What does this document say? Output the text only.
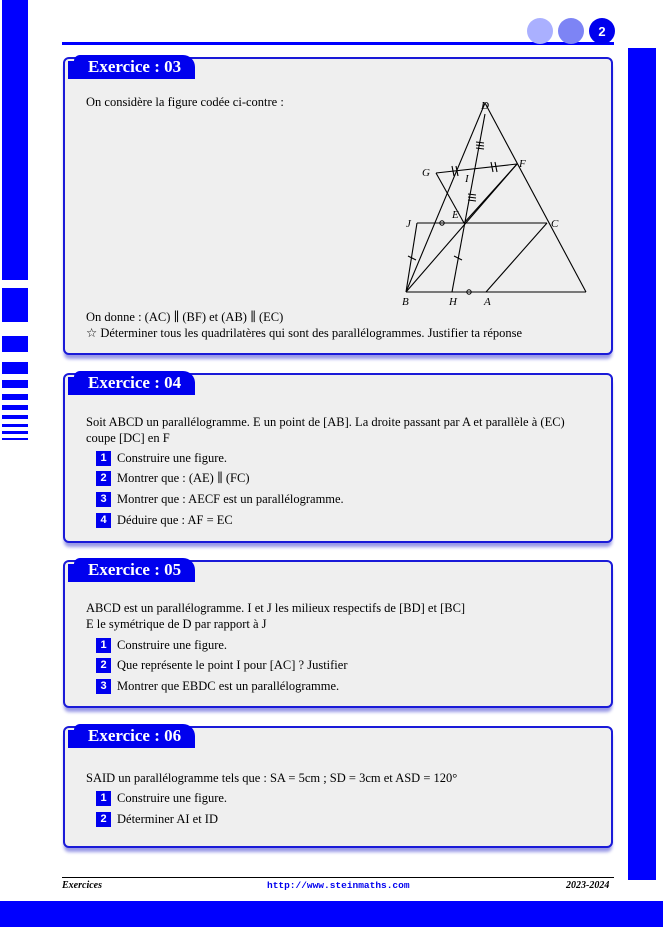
2
Exercice : 03
On considère la figure codée ci-contre :	D
F
G	I
E
J	C
B	H A
On donne : (AC) ∥ (BF) et (AB) ∥ (EC)
☆ Déterminer tous les quadrilatères qui sont des parallélogrammes. Justifier ta réponse
Exercice : 04
Soit ABCD un parallélogramme. E un point de [AB]. La droite passant par A et parallèle à (EC)
coupe [DC] en F
1 Construire une figure.
2 Montrer que : (AE) ∥ (FC)
3 Montrer que : AECF est un parallélogramme.
4 Déduire que : AF = EC
Exercice : 05
ABCD est un parallélogramme. I et J les milieux respectifs de [BD] et [BC]
E le symétrique de D par rapport à J
1 Construire une figure.
2 Que représente le point I pour [AC] ? Justifier
3 Montrer que EBDC est un parallélogramme.
Exercice : 06
SAID un parallélogramme tels que : SA = 5cm ; SD = 3cm et ASD = 120°
1 Construire une figure.
2 Déterminer AI et ID
Exercices	http://www.steinmaths.com	2023-2024
